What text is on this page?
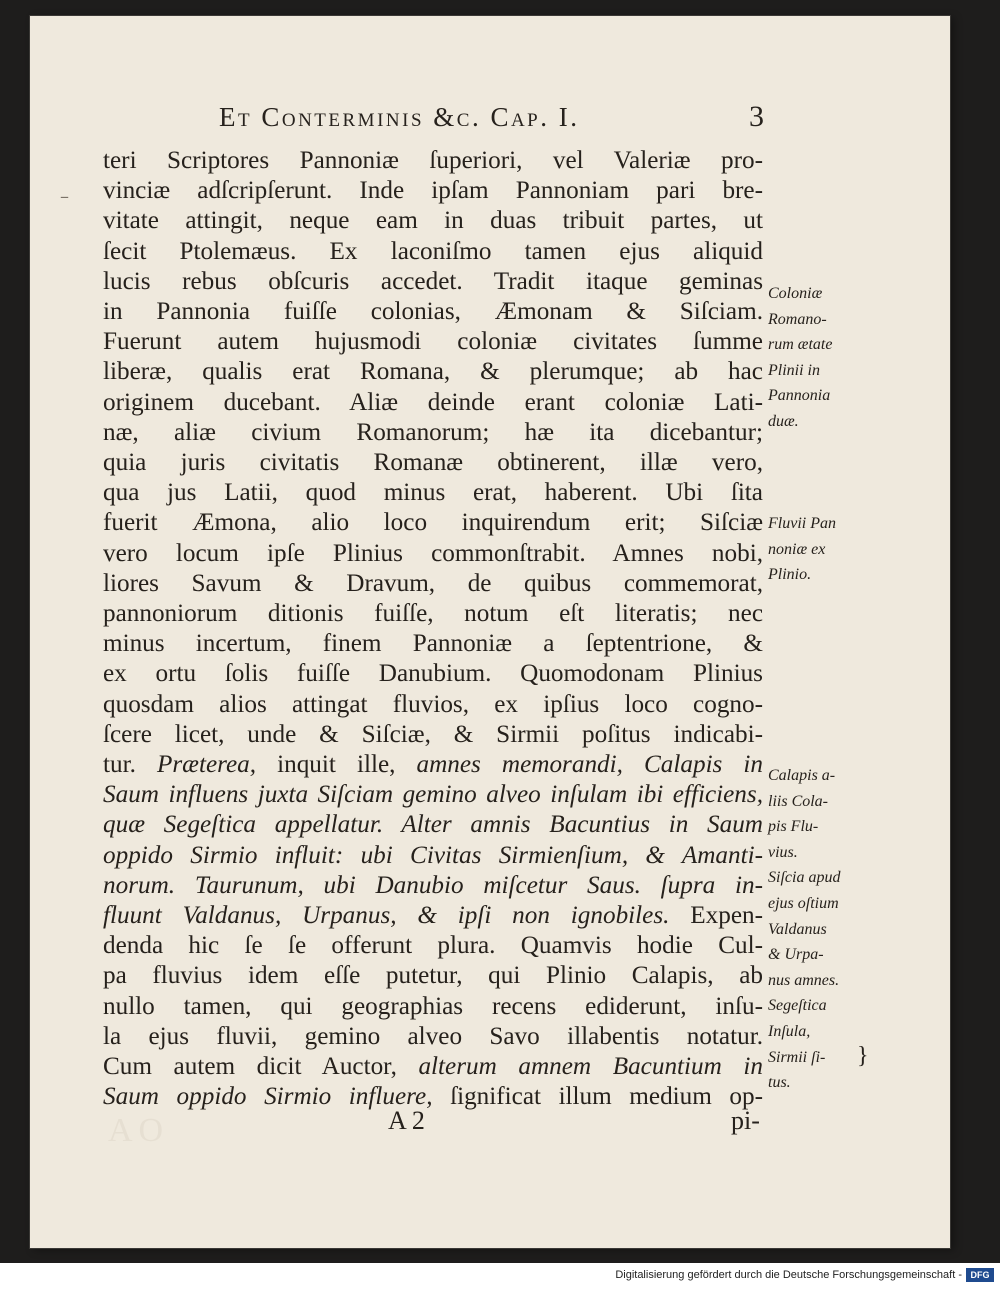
Et Conterminis &c. Cap. I.	3
–
teri Scriptores Pannoniæ ſuperiori, vel Valeriæ pro-
vinciæ adſcripſerunt. Inde ipſam Pannoniam pari bre-
vitate attingit, neque eam in duas tribuit partes, ut
ſecit Ptolemæus. Ex laconiſmo tamen ejus aliquid
lucis rebus obſcuris accedet. Tradit itaque geminas
in Pannonia fuiſſe colonias, Æmonam & Siſciam.
Fuerunt autem hujusmodi coloniæ civitates ſumme
liberæ, qualis erat Romana, & plerumque; ab hac
originem ducebant. Aliæ deinde erant coloniæ Lati-
næ, aliæ civium Romanorum; hæ ita dicebantur;
quia juris civitatis Romanæ obtinerent, illæ vero,
qua jus Latii, quod minus erat, haberent. Ubi ſita
fuerit Æmona, alio loco inquirendum erit; Siſciæ
vero locum ipſe Plinius commonſtrabit. Amnes nobi,
liores Savum & Dravum, de quibus commemorat,
pannoniorum ditionis fuiſſe, notum eſt literatis; nec
minus incertum, finem Pannoniæ a ſeptentrione, &
ex ortu ſolis fuiſſe Danubium. Quomodonam Plinius
quosdam alios attingat fluvios, ex ipſius loco cogno-
ſcere licet, unde & Siſciæ, & Sirmii poſitus indicabi-
tur. Præterea, inquit ille, amnes memorandi, Calapis in
Saum influens juxta Siſciam gemino alveo inſulam ibi efficiens,
quæ Segeſtica appellatur. Alter amnis Bacuntius in Saum
oppido Sirmio influit: ubi Civitas Sirmienſium, & Amanti-
norum. Taurunum, ubi Danubio miſcetur Saus. ſupra in-
fluunt Valdanus, Urpanus, & ipſi non ignobiles. Expen-
denda hic ſe ſe offerunt plura. Quamvis hodie Cul-
pa fluvius idem eſſe putetur, qui Plinio Calapis, ab
nullo tamen, qui geographias recens ediderunt, inſu-
la ejus fluvii, gemino alveo Savo illabentis notatur.
Cum autem dicit Auctor, alterum amnem Bacuntium in
Saum oppido Sirmio influere, ſignificat illum medium op-
Coloniæ
Romano-
rum ætate
Plinii in
Pannonia
duæ.
Fluvii Pan
noniæ ex
Plinio.
Calapis a-
liis Cola-
pis Flu-
vius.
Siſcia apud
ejus oſtium
Valdanus
& Urpa-
nus amnes.
Segeſtica
Inſula,
Sirmii ſi-
tus.
}
AO	A 2	pi-
Digitalisierung gefördert durch die Deutsche Forschungsgemeinschaft - DFG
